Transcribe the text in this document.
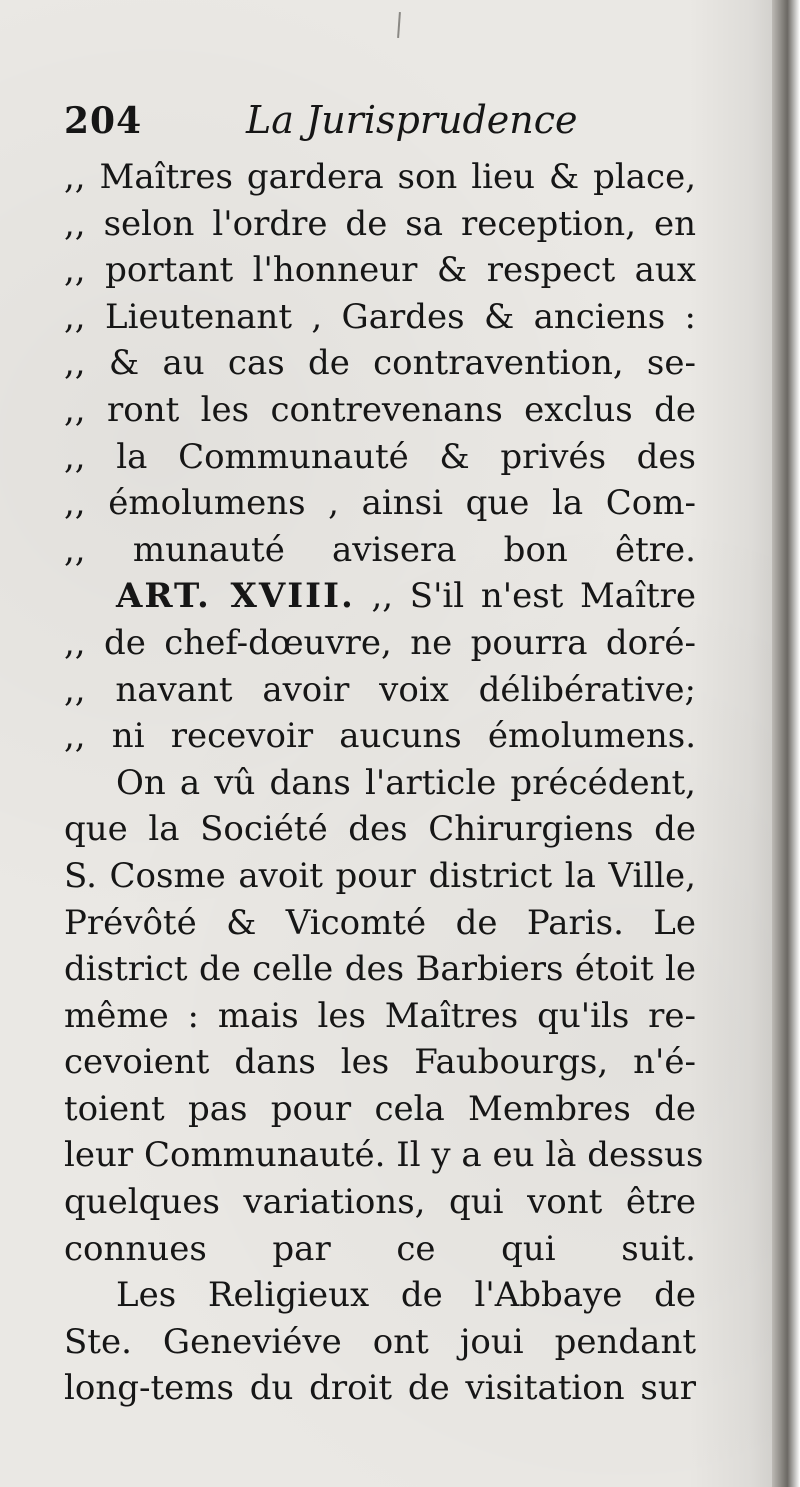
204	La Jurisprudence
,, Maîtres gardera son lieu & place,
,, selon l'ordre de sa reception, en
,, portant l'honneur & respect aux
,, Lieutenant , Gardes & anciens :
,, & au cas de contravention, se-
,, ront les contrevenans exclus de
,, la Communauté & privés des
,, émolumens , ainsi que la Com-
,, munauté avisera bon être.
ART. XVIII. ,, S'il n'est Maître
,, de chef-dœuvre, ne pourra doré-
,, navant avoir voix délibérative;
,, ni recevoir aucuns émolumens.
On a vû dans l'article précédent,
que la Société des Chirurgiens de
S. Cosme avoit pour district la Ville,
Prévôté & Vicomté de Paris. Le
district de celle des Barbiers étoit le
même : mais les Maîtres qu'ils re-
cevoient dans les Faubourgs, n'é-
toient pas pour cela Membres de
leur Communauté. Il y a eu là dessus
quelques variations, qui vont être
connues par ce qui suit.
Les Religieux de l'Abbaye de
Ste. Geneviéve ont joui pendant
long-tems du droit de visitation sur
